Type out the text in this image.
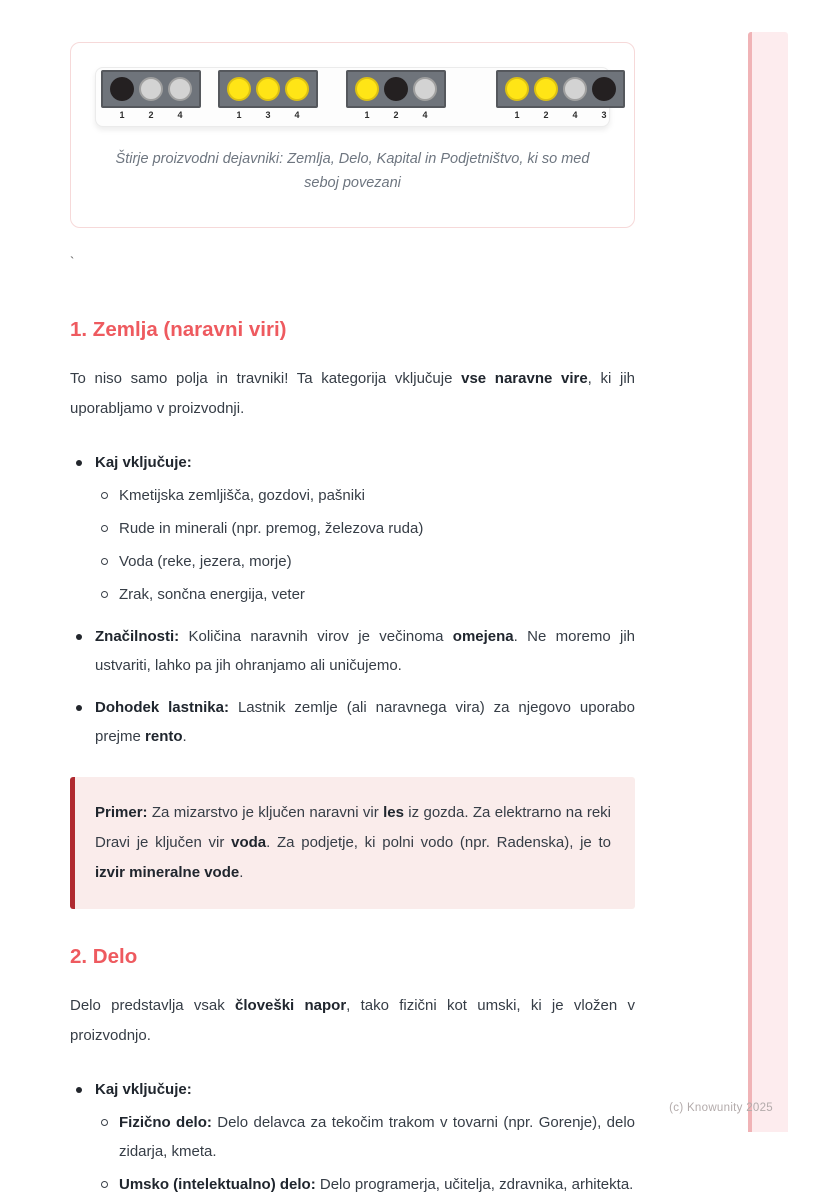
1	2	4	1	3	4	1	2	4	1	2	4	3
Štirje proizvodni dejavniki: Zemlja, Delo, Kapital in Podjetništvo, ki so med seboj povezani
`
1. Zemlja (naravni viri)

To niso samo polja in travniki! Ta kategorija vključuje vse naravne vire, ki jih uporabljamo v proizvodnji.

Kaj vključuje:
Kmetijska zemljišča, gozdovi, pašniki
Rude in minerali (npr. premog, železova ruda)
Voda (reke, jezera, morje)
Zrak, sončna energija, veter
Značilnosti: Količina naravnih virov je večinoma omejena. Ne moremo jih ustvariti, lahko pa jih ohranjamo ali uničujemo.
Dohodek lastnika: Lastnik zemlje (ali naravnega vira) za njegovo uporabo prejme rento.

Primer: Za mizarstvo je ključen naravni vir les iz gozda. Za elektrarno na reki Dravi je ključen vir voda. Za podjetje, ki polni vodo (npr. Radenska), je to izvir mineralne vode.

2. Delo

Delo predstavlja vsak človeški napor, tako fizični kot umski, ki je vložen v proizvodnjo.

Kaj vključuje:
Fizično delo: Delo delavca za tekočim trakom v tovarni (npr. Gorenje), delo zidarja, kmeta.
Umsko (intelektualno) delo: Delo programerja, učitelja, zdravnika, arhitekta.
(c) Knowunity 2025
